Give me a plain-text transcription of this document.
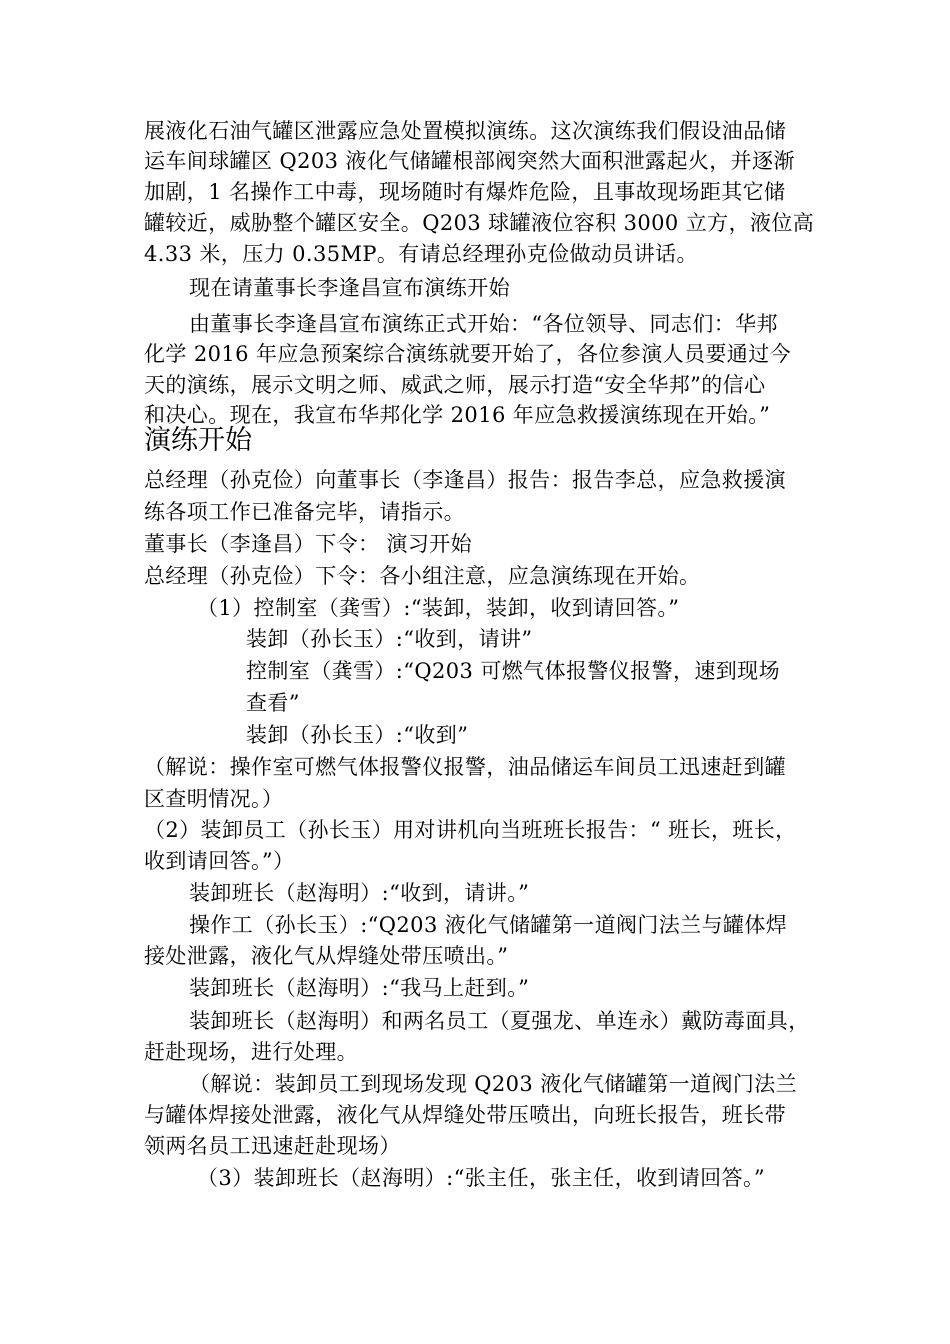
展液化石油气罐区泄露应急处置模拟演练。这次演练我们假设油品储
运车间球罐区 Q203 液化气储罐根部阀突然大面积泄露起火，并逐渐
加剧，1 名操作工中毒，现场随时有爆炸危险，且事故现场距其它储
罐较近，威胁整个罐区安全。Q203 球罐液位容积 3000 立方，液位高
4.33 米，压力 0.35MP。有请总经理孙克俭做动员讲话。
现在请董事长李逢昌宣布演练开始
由董事长李逢昌宣布演练正式开始：“各位领导、同志们：华邦
化学 2016 年应急预案综合演练就要开始了，各位参演人员要通过今
天的演练，展示文明之师、威武之师，展示打造“安全华邦”的信心
和决心。现在，我宣布华邦化学 2016 年应急救援演练现在开始。”
演练开始
总经理（孙克俭）向董事长（李逢昌）报告：报告李总，应急救援演
练各项工作已准备完毕，请指示。
董事长（李逢昌）下令： 演习开始
总经理（孙克俭）下令：各小组注意，应急演练现在开始。
（1）控制室（龚雪）:“装卸，装卸，收到请回答。”
装卸（孙长玉）:“收到，请讲”
控制室（龚雪）:“Q203 可燃气体报警仪报警，速到现场
查看”
装卸（孙长玉）:“收到”
（解说：操作室可燃气体报警仪报警，油品储运车间员工迅速赶到罐
区查明情况。）
（2）装卸员工（孙长玉）用对讲机向当班班长报告：“ 班长，班长，
收到请回答。”）
装卸班长（赵海明）:“收到，请讲。”
操作工（孙长玉）:“Q203 液化气储罐第一道阀门法兰与罐体焊
接处泄露，液化气从焊缝处带压喷出。”
装卸班长（赵海明）:“我马上赶到。”
装卸班长（赵海明）和两名员工（夏强龙、单连永）戴防毒面具，
赶赴现场，进行处理。
（解说：装卸员工到现场发现 Q203 液化气储罐第一道阀门法兰
与罐体焊接处泄露，液化气从焊缝处带压喷出，向班长报告，班长带
领两名员工迅速赶赴现场）
（3）装卸班长（赵海明）:“张主任，张主任，收到请回答。”
